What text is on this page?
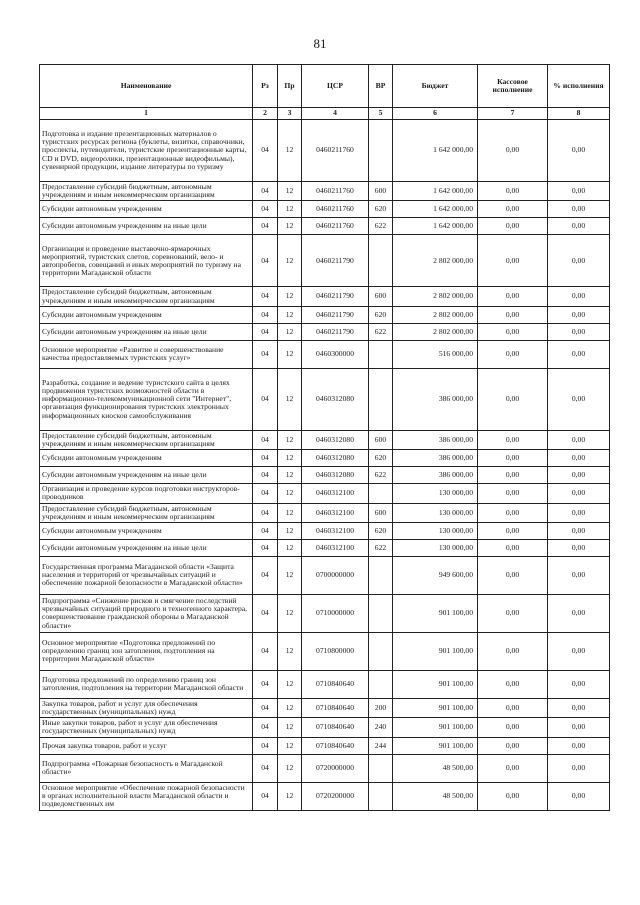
81
Наименование	Рз	Пр	ЦСР	ВР	Бюджет	Кассовое исполнение	% исполнения
1	2	3	4	5	6	7	8
Подготовка и издание презентационных материалов о туристских ресурсах региона (буклеты, визитки, справочники, проспекты, путеводители, туристские презентационные карты, CD и DVD, видеоролики, презентационные видеофильмы), сувенирной продукции, издание литературы по туризму	04	12	0460211760		1 642 000,00	0,00	0,00
Предоставление субсидий бюджетным, автономным учреждениям и иным некоммерческим организациям	04	12	0460211760	600	1 642 000,00	0,00	0,00
Субсидии автономным учреждениям	04	12	0460211760	620	1 642 000,00	0,00	0,00
Субсидии автономным учреждениям на иные цели	04	12	0460211760	622	1 642 000,00	0,00	0,00
Организация и проведение выставочно-ярмарочных мероприятий, туристских слетов, соревнований, вело- и автопробегов, совещаний и иных мероприятий по туризму на территории Магаданской области	04	12	0460211790		2 802 000,00	0,00	0,00
Предоставление субсидий бюджетным, автономным учреждениям и иным некоммерческим организациям	04	12	0460211790	600	2 802 000,00	0,00	0,00
Субсидии автономным учреждениям	04	12	0460211790	620	2 802 000,00	0,00	0,00
Субсидии автономным учреждениям на иные цели	04	12	0460211790	622	2 802 000,00	0,00	0,00
Основное мероприятие «Развитие и совершенствование качества предоставляемых туристских услуг»	04	12	0460300000		516 000,00	0,00	0,00
Разработка, создание и ведение туристского сайта в целях продвижения туристских возможностей области в информационно-телекоммуникационной сети "Интернет", организация функционирования туристских электронных информационных киосков самообслуживания	04	12	0460312080		386 000,00	0,00	0,00
Предоставление субсидий бюджетным, автономным учреждениям и иным некоммерческим организациям	04	12	0460312080	600	386 000,00	0,00	0,00
Субсидии автономным учреждениям	04	12	0460312080	620	386 000,00	0,00	0,00
Субсидии автономным учреждениям на иные цели	04	12	0460312080	622	386 000,00	0,00	0,00
Организация и проведение курсов подготовки инструкторов-проводников	04	12	0460312100		130 000,00	0,00	0,00
Предоставление субсидий бюджетным, автономным учреждениям и иным некоммерческим организациям	04	12	0460312100	600	130 000,00	0,00	0,00
Субсидии автономным учреждениям	04	12	0460312100	620	130 000,00	0,00	0,00
Субсидии автономным учреждениям на иные цели	04	12	0460312100	622	130 000,00	0,00	0,00
Государственная программа Магаданской области «Защита населения и территорий от чрезвычайных ситуаций и обеспечение пожарной безопасности в Магаданской области»	04	12	0700000000		949 600,00	0,00	0,00
Подпрограмма «Снижение рисков и смягчение последствий чрезвычайных ситуаций природного и техногенного характера, совершенствование гражданской обороны в Магаданской области»	04	12	0710000000		901 100,00	0,00	0,00
Основное мероприятие «Подготовка предложений по определению границ зон затопления, подтопления на территории Магаданской области»	04	12	0710800000		901 100,00	0,00	0,00
Подготовка предложений по определению границ зон затопления, подтопления на территории Магаданской области	04	12	0710840640		901 100,00	0,00	0,00
Закупка товаров, работ и услуг для обеспечения государственных (муниципальных) нужд	04	12	0710840640	200	901 100,00	0,00	0,00
Иные закупки товаров, работ и услуг для обеспечения государственных (муниципальных) нужд	04	12	0710840640	240	901 100,00	0,00	0,00
Прочая закупка товаров, работ и услуг	04	12	0710840640	244	901 100,00	0,00	0,00
Подпрограмма «Пожарная безопасность в Магаданской области»	04	12	0720000000		48 500,00	0,00	0,00
Основное мероприятие «Обеспечение пожарной безопасности в органах исполнительной власти Магаданской области и подведомственных им	04	12	0720200000		48 500,00	0,00	0,00
